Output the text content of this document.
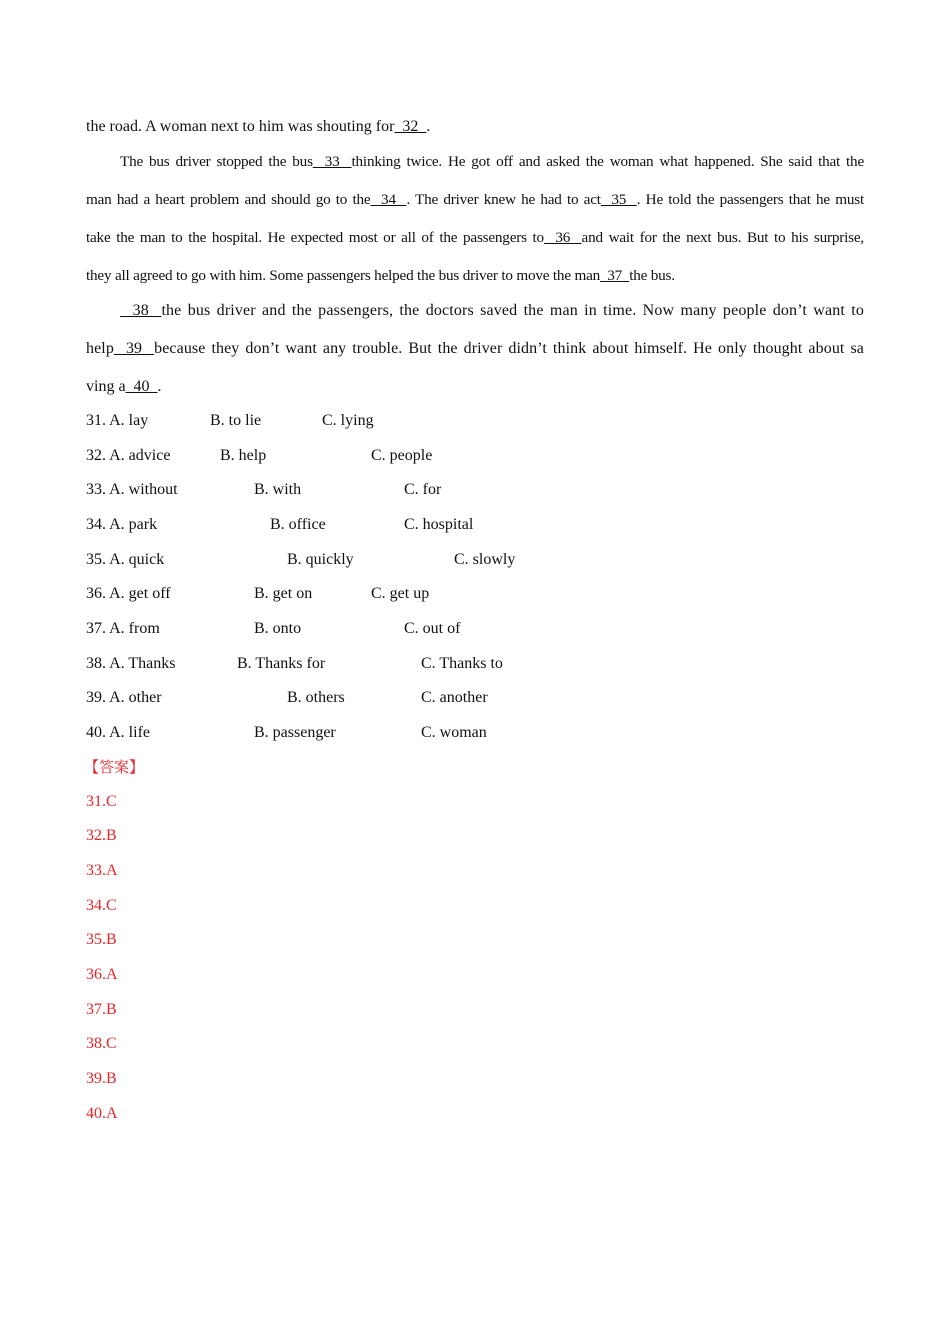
the road. A woman next to him was shouting for  32  .
The bus driver stopped the bus  33  thinking twice. He got off and asked the woman what happened. She said that the
man had a heart problem and should go to the  34  . The driver knew he had to act  35  . He told the passengers that he must
take the man to the hospital. He expected most or all of the passengers to  36  and wait for the next bus. But to his surprise,
they all agreed to go with him. Some passengers helped the bus driver to move the man  37  the bus.
38  the bus driver and the passengers, the doctors saved the man in time. Now many people don’t want to
help  39  because they don’t want any trouble. But the driver didn’t think about himself. He only thought about sa
ving a  40  .
31. A. lay	B. to lie	C. lying
32. A. advice	B. help	C. people
33. A. without	B. with	C. for
34. A. park	B. office	C. hospital
35. A. quick	B. quickly	C. slowly
36. A. get off	B. get on	C. get up
37. A. from	B. onto	C. out of
38. A. Thanks	B. Thanks for	C. Thanks to
39. A. other	B. others	C. another
40. A. life	B. passenger	C. woman
【答案】
31.C
32.B
33.A
34.C
35.B
36.A
37.B
38.C
39.B
40.A
